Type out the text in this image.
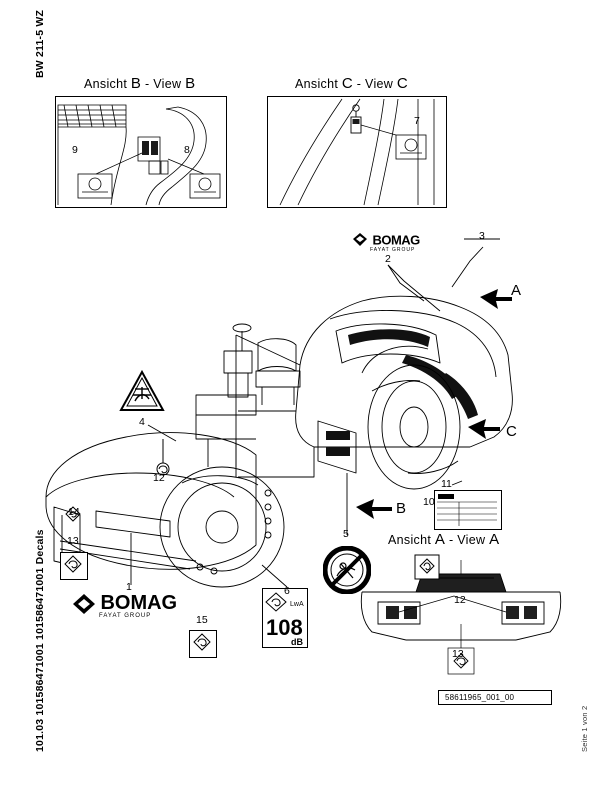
BW 211-5 WZ
101.03 101586471001 101586471001 Decals	Seite 1 von 2
Ansicht B - View B
9	8
Ansicht C - View C
7
A
B
C
BOMAG
FAYAT GROUP
BOMAG
FAYAT GROUP
LwA
108
dB
1
2
3
4
5
6
10
11
12
13
14
15
Ansicht A - View A
12
13
58611965_001_00
